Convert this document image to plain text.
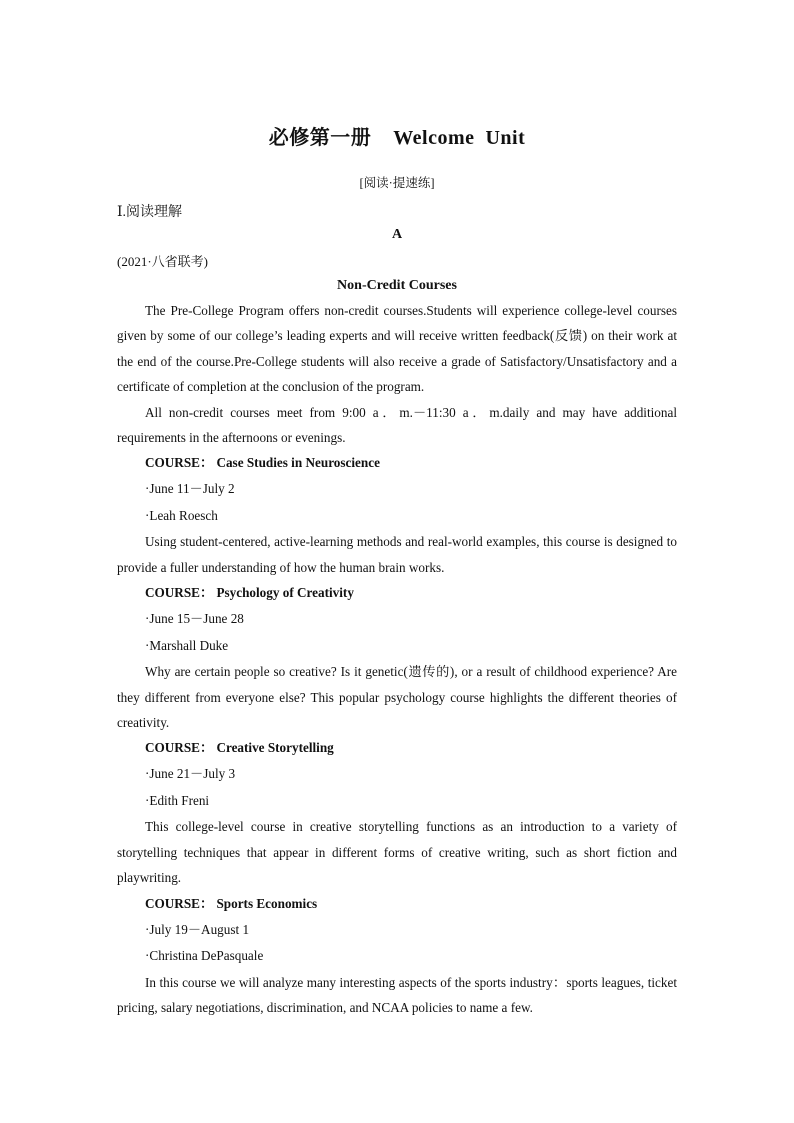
必修第一册 Welcome  Unit
[阅读·提速练]
Ⅰ.阅读理解
A
(2021·八省联考)
Non-Credit Courses

The Pre-College Program offers non-credit courses.Students will experience college-level courses given by some of our college’s leading experts and will receive written feedback(反馈) on their work at the end of the course.Pre-College students will also receive a grade of Satisfactory/Unsatisfactory and a certificate of completion at the conclusion of the program.

All non-credit courses meet from 9:00 a．m.－11:30 a．m.daily and may have additional requirements in the afternoons or evenings.

COURSE： Case Studies in Neuroscience
·June 11－July 2
·Leah Roesch

Using student-centered, active-learning methods and real-world examples, this course is designed to provide a fuller understanding of how the human brain works.

COURSE： Psychology of Creativity
·June 15－June 28
·Marshall Duke

Why are certain people so creative? Is it genetic(遗传的), or a result of childhood experience? Are they different from everyone else? This popular psychology course highlights the different theories of creativity.

COURSE： Creative Storytelling
·June 21－July 3
·Edith Freni

This college-level course in creative storytelling functions as an introduction to a variety of storytelling techniques that appear in different forms of creative writing, such as short fiction and playwriting.

COURSE： Sports Economics
·July 19－August 1
·Christina DePasquale

In this course we will analyze many interesting aspects of the sports industry：sports leagues, ticket pricing, salary negotiations, discrimination, and NCAA policies to name a few.
